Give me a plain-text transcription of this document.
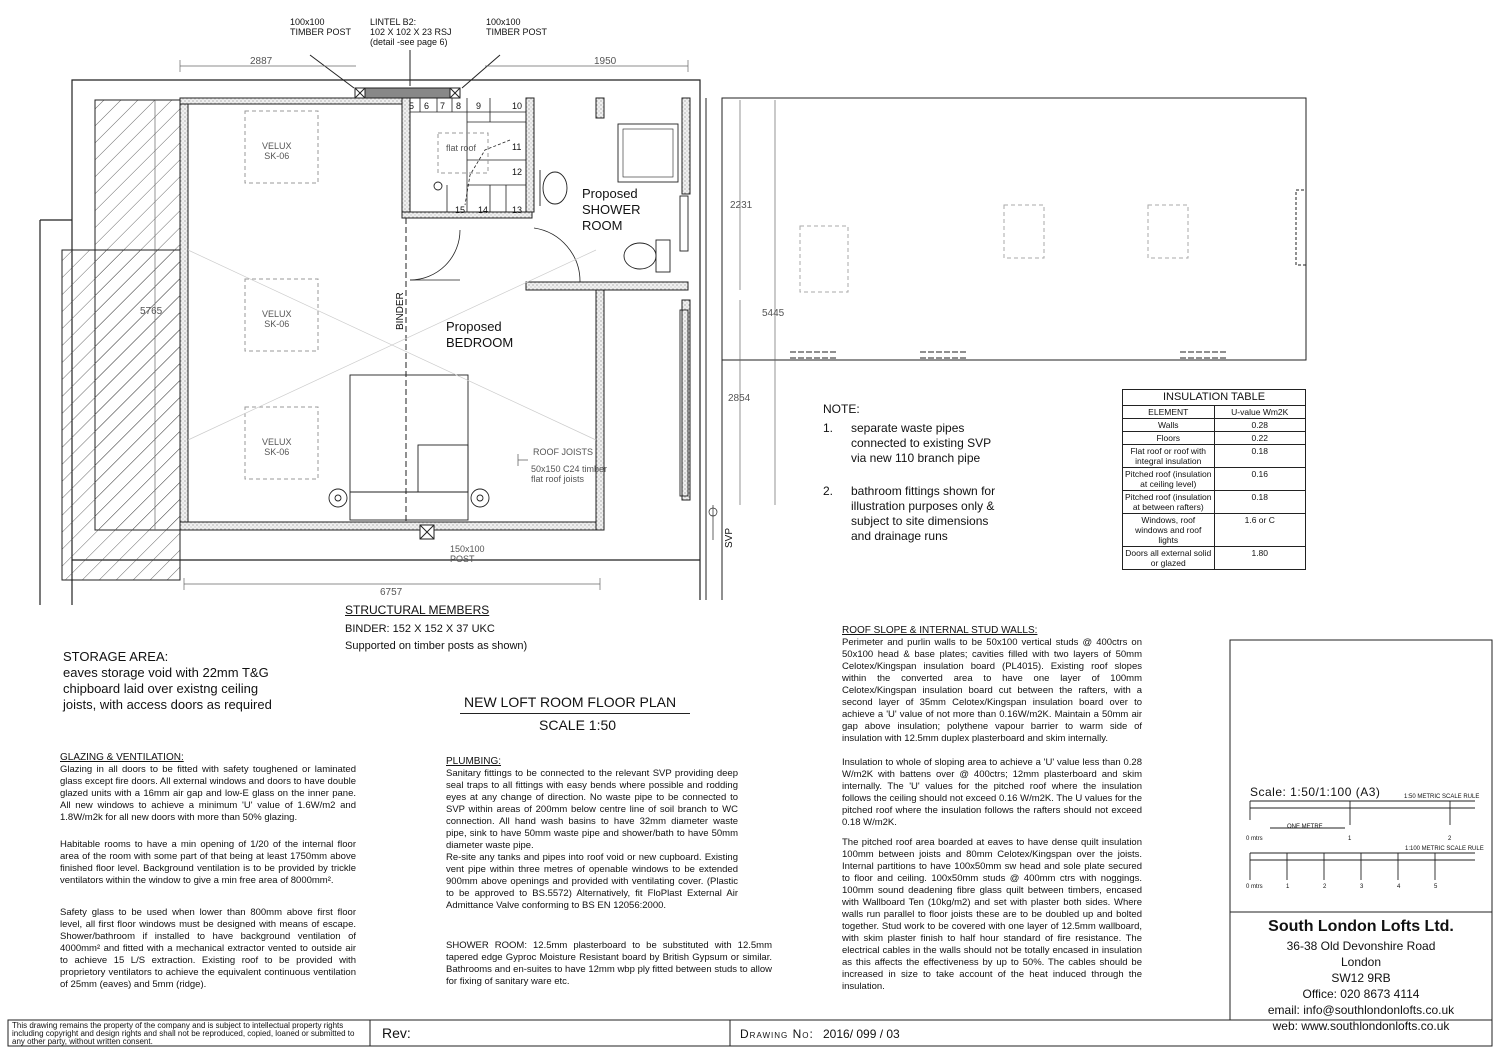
100x100
TIMBER POST
LINTEL B2:
102 X 102 X 23 RSJ
(detail -see page 6)
100x100
TIMBER POST
2887	1950
5765
2231
5445
2854
6757
VELUX
SK-06
VELUX
SK-06
VELUX
SK-06
5 6 7 8 9	10
11
12
13
14
15
flat roof
Proposed
SHOWER
ROOM
Proposed
BEDROOM
BINDER
SVP
ROOF JOISTS
50x150 C24 timber
flat roof joists
150x100
POST
NOTE:
1. separate waste pipes
connected to existing SVP
via new 110 branch pipe
2. bathroom fittings shown for
illustration purposes only &
subject to site dimensions
and drainage runs
INSULATION TABLE	
ELEMENT	U-value Wm2K
Walls	0.28
Floors	0.22
Flat roof or roof with integral insulation	0.18
Pitched roof (insulation at ceiling level)	0.16
Pitched roof (insulation at between rafters)	0.18
Windows, roof windows and roof lights	1.6 or C
Doors all external solid or glazed	1.80
STRUCTURAL MEMBERS
BINDER: 152 X 152 X 37 UKC
Supported on timber posts as shown)
STORAGE AREA:
eaves storage void with 22mm T&G
chipboard laid over existng ceiling
joists, with access doors as required	NEW LOFT ROOM FLOOR PLAN
SCALE 1:50
GLAZING & VENTILATION:
Glazing in all doors to be fitted with safety toughened or laminated glass except fire doors. All external windows and doors to have double glazed units with a 16mm air gap and low-E glass on the inner pane. All new windows to achieve a minimum 'U' value of 1.6W/m2 and 1.8W/m2k for all new doors with more than 50% glazing.
Habitable rooms to have a min opening of 1/20 of the internal floor area of the room with some part of that being at least 1750mm above finished floor level. Background ventilation is to be provided by trickle ventilators within the window to give a min free area of 8000mm².
Safety glass to be used when lower than 800mm above first floor level, all first floor windows must be designed with means of escape. Shower/bathroom if installed to have background ventilation of 4000mm² and fitted with a mechanical extractor vented to outside air to achieve 15 L/S extraction. Existing roof to be provided with proprietory ventilators to achieve the equivalent continuous ventilation of 25mm (eaves) and 5mm (ridge).
PLUMBING:
Sanitary fittings to be connected to the relevant SVP providing deep seal traps to all fittings with easy bends where possible and rodding eyes at any change of direction. No waste pipe to be connected to SVP within areas of 200mm below centre line of soil branch to WC connection. All hand wash basins to have 32mm diameter waste pipe, sink to have 50mm waste pipe and shower/bath to have 50mm diameter waste pipe.
Re-site any tanks and pipes into roof void or new cupboard. Existing vent pipe within three metres of openable windows to be extended 900mm above openings and provided with ventilating cover. (Plastic to be approved to BS.5572) Alternatively, fit FloPlast External Air Admittance Valve conforming to BS EN 12056:2000.
SHOWER ROOM: 12.5mm plasterboard to be substituted with 12.5mm tapered edge Gyproc Moisture Resistant board by British Gypsum or similar. Bathrooms and en-suites to have 12mm wbp ply fitted between studs to allow for fixing of sanitary ware etc.
ROOF SLOPE & INTERNAL STUD WALLS:
Perimeter and purlin walls to be 50x100 vertical studs @ 400ctrs on 50x100 head & base plates; cavities filled with two layers of 50mm Celotex/Kingspan insulation board (PL4015). Existing roof slopes within the converted area to have one layer of 100mm Celotex/Kingspan insulation board cut between the rafters, with a second layer of 35mm Celotex/Kingspan insulation board over to achieve a 'U' value of not more than 0.16W/m2K. Maintain a 50mm air gap above insulation; polythene vapour barrier to warm side of insulation with 12.5mm duplex plasterboard and skim internally.
Insulation to whole of sloping area to achieve a 'U' value less than 0.28 W/m2K with battens over @ 400ctrs; 12mm plasterboard and skim internally. The 'U' values for the pitched roof where the insulation follows the ceiling should not exceed 0.16 W/m2K. The U values for the pitched roof where the insulation follows the rafters should not exceed 0.18 W/m2K.
The pitched roof area boarded at eaves to have dense quilt insulation 100mm between joists and 80mm Celotex/Kingspan over the joists. Internal partitions to have 100x50mm sw head and sole plate secured to floor and ceiling. 100x50mm studs @ 400mm ctrs with noggings. 100mm sound deadening fibre glass quilt between timbers, encased with Wallboard Ten (10kg/m2) and set with plaster both sides. Where walls run parallel to floor joists these are to be doubled up and bolted together. Stud work to be covered with one layer of 12.5mm wallboard, with skim plaster finish to half hour standard of fire resistance. The electrical cables in the walls should not be totally encased in insulation as this affects the effectiveness by up to 50%. The cables should be increased in size to take account of the heat induced through the insulation.
Scale: 1:50/1:100 (A3)	1:50 METRIC SCALE RULE
1:100 METRIC SCALE RULE
ONE METRE
0 mtrs	1	2
0 mtrs	1	2	3	4	5
South London Lofts Ltd.
36-38 Old Devonshire Road
London
SW12 9RB
Office: 020 8673 4114
email: info@southlondonlofts.co.uk
web: www.southlondonlofts.co.uk
This drawing remains the property of the company and is subject to intellectual property rights including copyright and design rights and shall not be reproduced, copied, loaned or submitted to any other party, without written consent.
Rev:	Drawing No: 2016/ 099 / 03
